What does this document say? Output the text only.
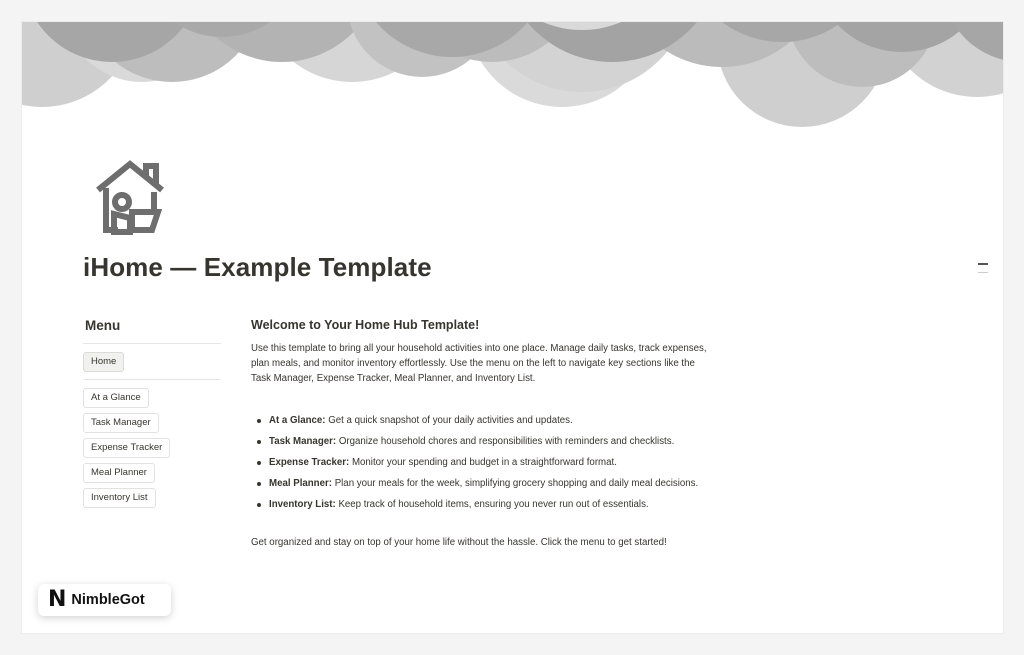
iHome — Example Template
Menu
Home
At a Glance
Task Manager
Expense Tracker
Meal Planner
Inventory List
Welcome to Your Home Hub Template!

Use this template to bring all your household activities into one place. Manage daily tasks, track expenses, plan meals, and monitor inventory effortlessly. Use the menu on the left to navigate key sections like the Task Manager, Expense Tracker, Meal Planner, and Inventory List.

At a Glance: Get a quick snapshot of your daily activities and updates.
Task Manager: Organize household chores and responsibilities with reminders and checklists.
Expense Tracker: Monitor your spending and budget in a straightforward format.
Meal Planner: Plan your meals for the week, simplifying grocery shopping and daily meal decisions.
Inventory List: Keep track of household items, ensuring you never run out of essentials.

Get organized and stay on top of your home life without the hassle. Click the menu to get started!

N NimbleGot
